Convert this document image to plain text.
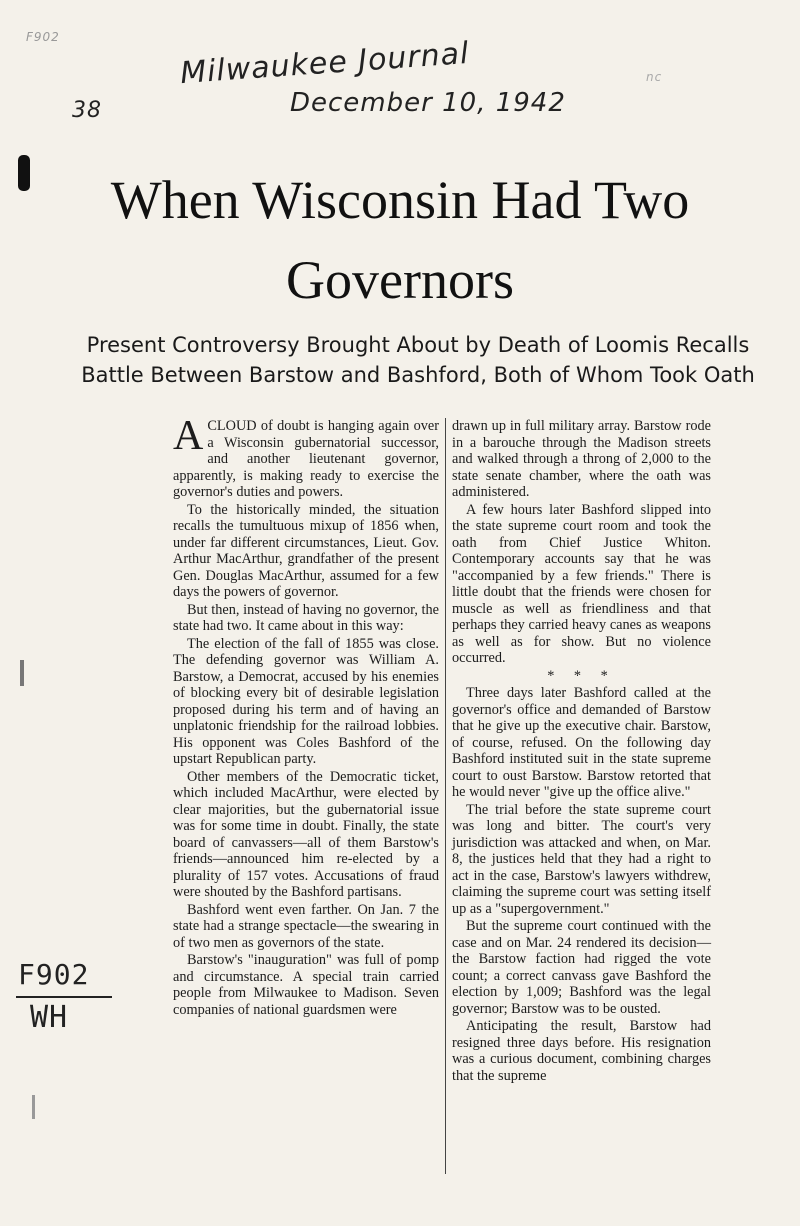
F902	Milwaukee Journal
38	December 10, 1942
nc
When Wisconsin Had Two Governors
Present Controversy Brought About by Death of Loomis Recalls
Battle Between Barstow and Bashford, Both of Whom Took Oath

ACLOUD of doubt is hanging again over a Wisconsin gubernatorial successor, and another lieutenant governor, apparently, is making ready to exercise the governor's duties and powers.

To the historically minded, the situation recalls the tumultuous mixup of 1856 when, under far different circumstances, Lieut. Gov. Arthur MacArthur, grandfather of the present Gen. Douglas MacArthur, assumed for a few days the powers of governor.

But then, instead of having no governor, the state had two. It came about in this way:

The election of the fall of 1855 was close. The defending governor was William A. Barstow, a Democrat, accused by his enemies of blocking every bit of desirable legislation proposed during his term and of having an unplatonic friendship for the railroad lobbies. His opponent was Coles Bashford of the upstart Republican party.

Other members of the Democratic ticket, which included MacArthur, were elected by clear majorities, but the gubernatorial issue was for some time in doubt. Finally, the state board of canvassers—all of them Barstow's friends—announced him re-elected by a plurality of 157 votes. Accusations of fraud were shouted by the Bashford partisans.

Bashford went even farther. On Jan. 7 the state had a strange spectacle—the swearing in of two men as governors of the state.

Barstow's "inauguration" was full of pomp and circumstance. A special train carried people from Milwaukee to Madison. Seven companies of national guardsmen were

drawn up in full military array. Barstow rode in a barouche through the Madison streets and walked through a throng of 2,000 to the state senate chamber, where the oath was administered.

A few hours later Bashford slipped into the state supreme court room and took the oath from Chief Justice Whiton. Contemporary accounts say that he was "accompanied by a few friends." There is little doubt that the friends were chosen for muscle as well as friendliness and that perhaps they carried heavy canes as weapons as well as for show. But no violence occurred.

* * *

Three days later Bashford called at the governor's office and demanded of Barstow that he give up the executive chair. Barstow, of course, refused. On the following day Bashford instituted suit in the state supreme court to oust Barstow. Barstow retorted that he would never "give up the office alive."

The trial before the state supreme court was long and bitter. The court's very jurisdiction was attacked and when, on Mar. 8, the justices held that they had a right to act in the case, Barstow's lawyers withdrew, claiming the supreme court was setting itself up as a "supergovernment."

But the supreme court continued with the case and on Mar. 24 rendered its decision—the Barstow faction had rigged the vote count; a correct canvass gave Bashford the election by 1,009; Bashford was the legal governor; Barstow was to be ousted.

Anticipating the result, Barstow had resigned three days before. His resignation was a curious document, combining charges that the supreme

F902
WH
